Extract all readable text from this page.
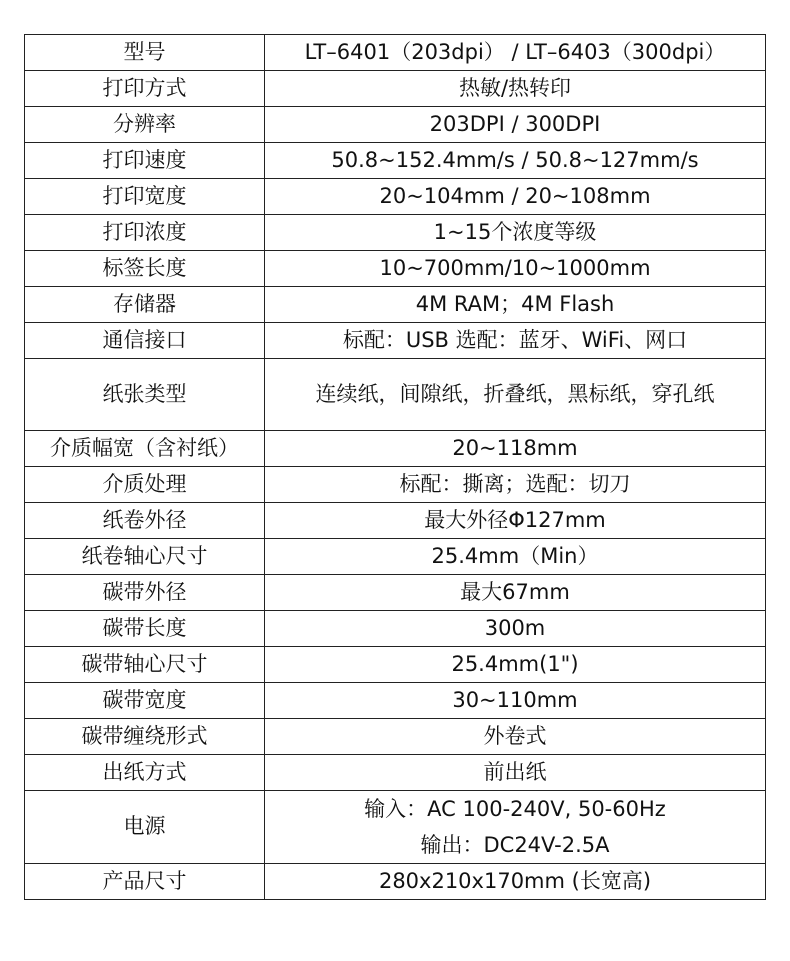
型号	LT–6401（203dpi） / LT–6403（300dpi）
打印方式	热敏/热转印
分辨率	203DPI / 300DPI
打印速度	50.8~152.4mm/s / 50.8~127mm/s
打印宽度	20~104mm / 20~108mm
打印浓度	1~15个浓度等级
标签长度	10~700mm/10~1000mm
存储器	4M RAM；4M Flash
通信接口	标配：USB 选配：蓝牙、WiFi、网口
纸张类型	连续纸，间隙纸，折叠纸，黑标纸，穿孔纸
介质幅宽（含衬纸）	20~118mm
介质处理	标配：撕离；选配：切刀
纸卷外径	最大外径Φ127mm
纸卷轴心尺寸	25.4mm（Min）
碳带外径	最大67mm
碳带长度	300m
碳带轴心尺寸	25.4mm(1")
碳带宽度	30~110mm
碳带缠绕形式	外卷式
出纸方式	前出纸
电源	输入：AC 100-240V, 50-60Hz
输出：DC24V-2.5A

产品尺寸	280x210x170mm (长宽高)
